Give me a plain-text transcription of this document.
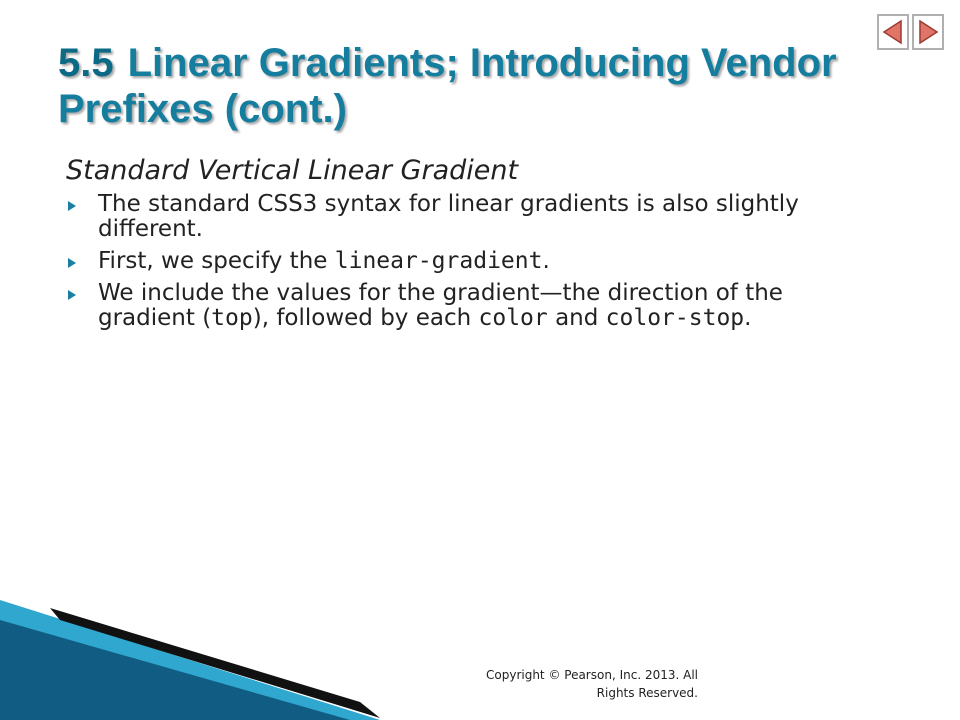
5.5 Linear Gradients; Introducing Vendor Prefixes (cont.)
Standard Vertical Linear Gradient
The standard CSS3 syntax for linear gradients is also slightly different.
First, we specify the linear-gradient.
We include the values for the gradient—the direction of the gradient (top), followed by each color and color-stop.
Copyright © Pearson, Inc. 2013. All Rights Reserved.
